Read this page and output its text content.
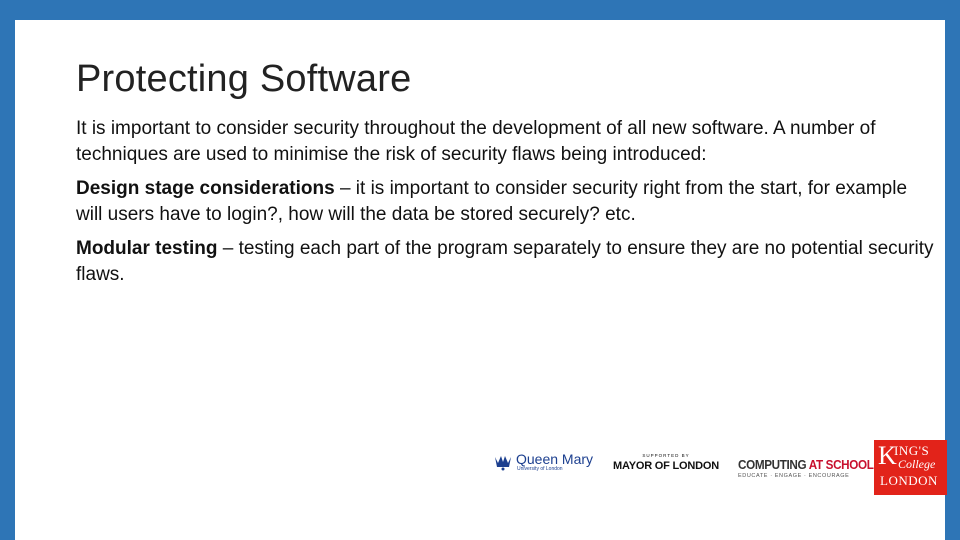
Protecting Software

It is important to consider security throughout the development of all new software. A number of techniques are used to minimise the risk of security flaws being introduced:

Design stage considerations – it is important to consider security right from the start, for example will users have to login?, how will the data be stored securely? etc.

Modular testing – testing each part of the program separately to ensure they are no potential security flaws.

Queen Mary
University of London
SUPPORTED BY
MAYOR OF LONDON COMPUTING AT SCHOOL
EDUCATE · ENGAGE · ENCOURAGE
K
ING'S
College
LONDON
